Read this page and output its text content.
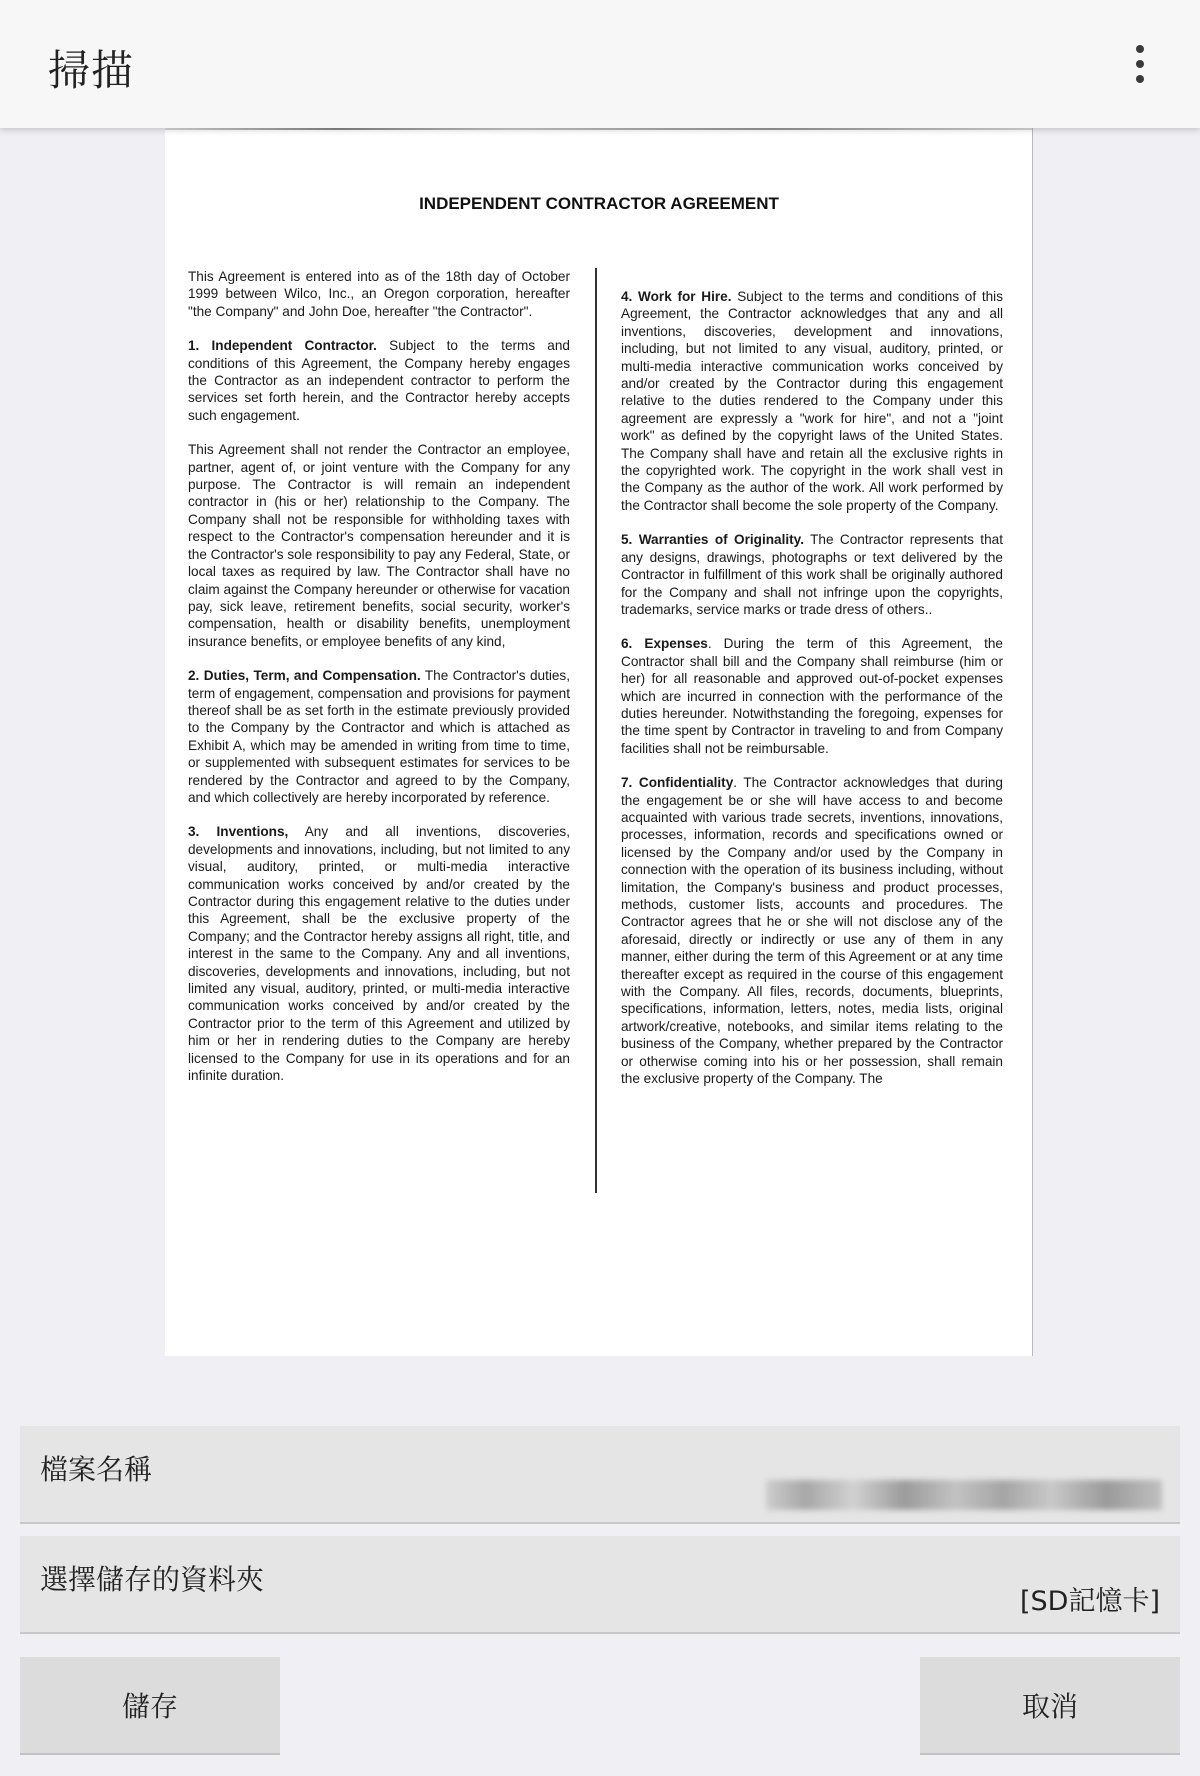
掃描
INDEPENDENT CONTRACTOR AGREEMENT

This Agreement is entered into as of the 18th day of October 1999 between Wilco, Inc., an Oregon corporation, hereafter "the Company" and John Doe, hereafter "the Contractor".

1. Independent Contractor. Subject to the terms and conditions of this Agreement, the Company hereby engages the Contractor as an independent contractor to perform the services set forth herein, and the Contractor hereby accepts such engagement.

This Agreement shall not render the Contractor an employee, partner, agent of, or joint venture with the Company for any purpose. The Contractor is will remain an independent contractor in (his or her) relationship to the Company. The Company shall not be responsible for withholding taxes with respect to the Contractor's compensation hereunder and it is the Contractor's sole responsibility to pay any Federal, State, or local taxes as required by law. The Contractor shall have no claim against the Company hereunder or otherwise for vacation pay, sick leave, retirement benefits, social security, worker's compensation, health or disability benefits, unemployment insurance benefits, or employee benefits of any kind,

2. Duties, Term, and Compensation. The Contractor's duties, term of engagement, compensation and provisions for payment thereof shall be as set forth in the estimate previously provided to the Company by the Contractor and which is attached as Exhibit A, which may be amended in writing from time to time, or supplemented with subsequent estimates for services to be rendered by the Contractor and agreed to by the Company, and which collectively are hereby incorporated by reference.

3. Inventions, Any and all inventions, discoveries, developments and innovations, including, but not limited to any visual, auditory, printed, or multi-media interactive communication works conceived by and/or created by the Contractor during this engagement relative to the duties under this Agreement, shall be the exclusive property of the Company; and the Contractor hereby assigns all right, title, and interest in the same to the Company. Any and all inventions, discoveries, developments and innovations, including, but not limited any visual, auditory, printed, or multi-media interactive communication works conceived by and/or created by the Contractor prior to the term of this Agreement and utilized by him or her in rendering duties to the Company are hereby licensed to the Company for use in its operations and for an infinite duration.

4. Work for Hire. Subject to the terms and conditions of this Agreement, the Contractor acknowledges that any and all inventions, discoveries, development and innovations, including, but not limited to any visual, auditory, printed, or multi-media interactive communication works conceived by and/or created by the Contractor during this engagement relative to the duties rendered to the Company under this agreement are expressly a "work for hire", and not a "joint work" as defined by the copyright laws of the United States. The Company shall have and retain all the exclusive rights in the copyrighted work. The copyright in the work shall vest in the Company as the author of the work. All work performed by the Contractor shall become the sole property of the Company.

5. Warranties of Originality. The Contractor represents that any designs, drawings, photographs or text delivered by the Contractor in fulfillment of this work shall be originally authored for the Company and shall not infringe upon the copyrights, trademarks, service marks or trade dress of others..

6. Expenses. During the term of this Agreement, the Contractor shall bill and the Company shall reimburse (him or her) for all reasonable and approved out-of-pocket expenses which are incurred in connection with the performance of the duties hereunder. Notwithstanding the foregoing, expenses for the time spent by Contractor in traveling to and from Company facilities shall not be reimbursable.

7. Confidentiality. The Contractor acknowledges that during the engagement be or she will have access to and become acquainted with various trade secrets, inventions, innovations, processes, information, records and specifications owned or licensed by the Company and/or used by the Company in connection with the operation of its business including, without limitation, the Company's business and product processes, methods, customer lists, accounts and procedures. The Contractor agrees that he or she will not disclose any of the aforesaid, directly or indirectly or use any of them in any manner, either during the term of this Agreement or at any time thereafter except as required in the course of this engagement with the Company. All files, records, documents, blueprints, specifications, information, letters, notes, media lists, original artwork/creative, notebooks, and similar items relating to the business of the Company, whether prepared by the Contractor or otherwise coming into his or her possession, shall remain the exclusive property of the Company. The

檔案名稱
選擇儲存的資料夾
[SD記憶卡]
儲存	取消
